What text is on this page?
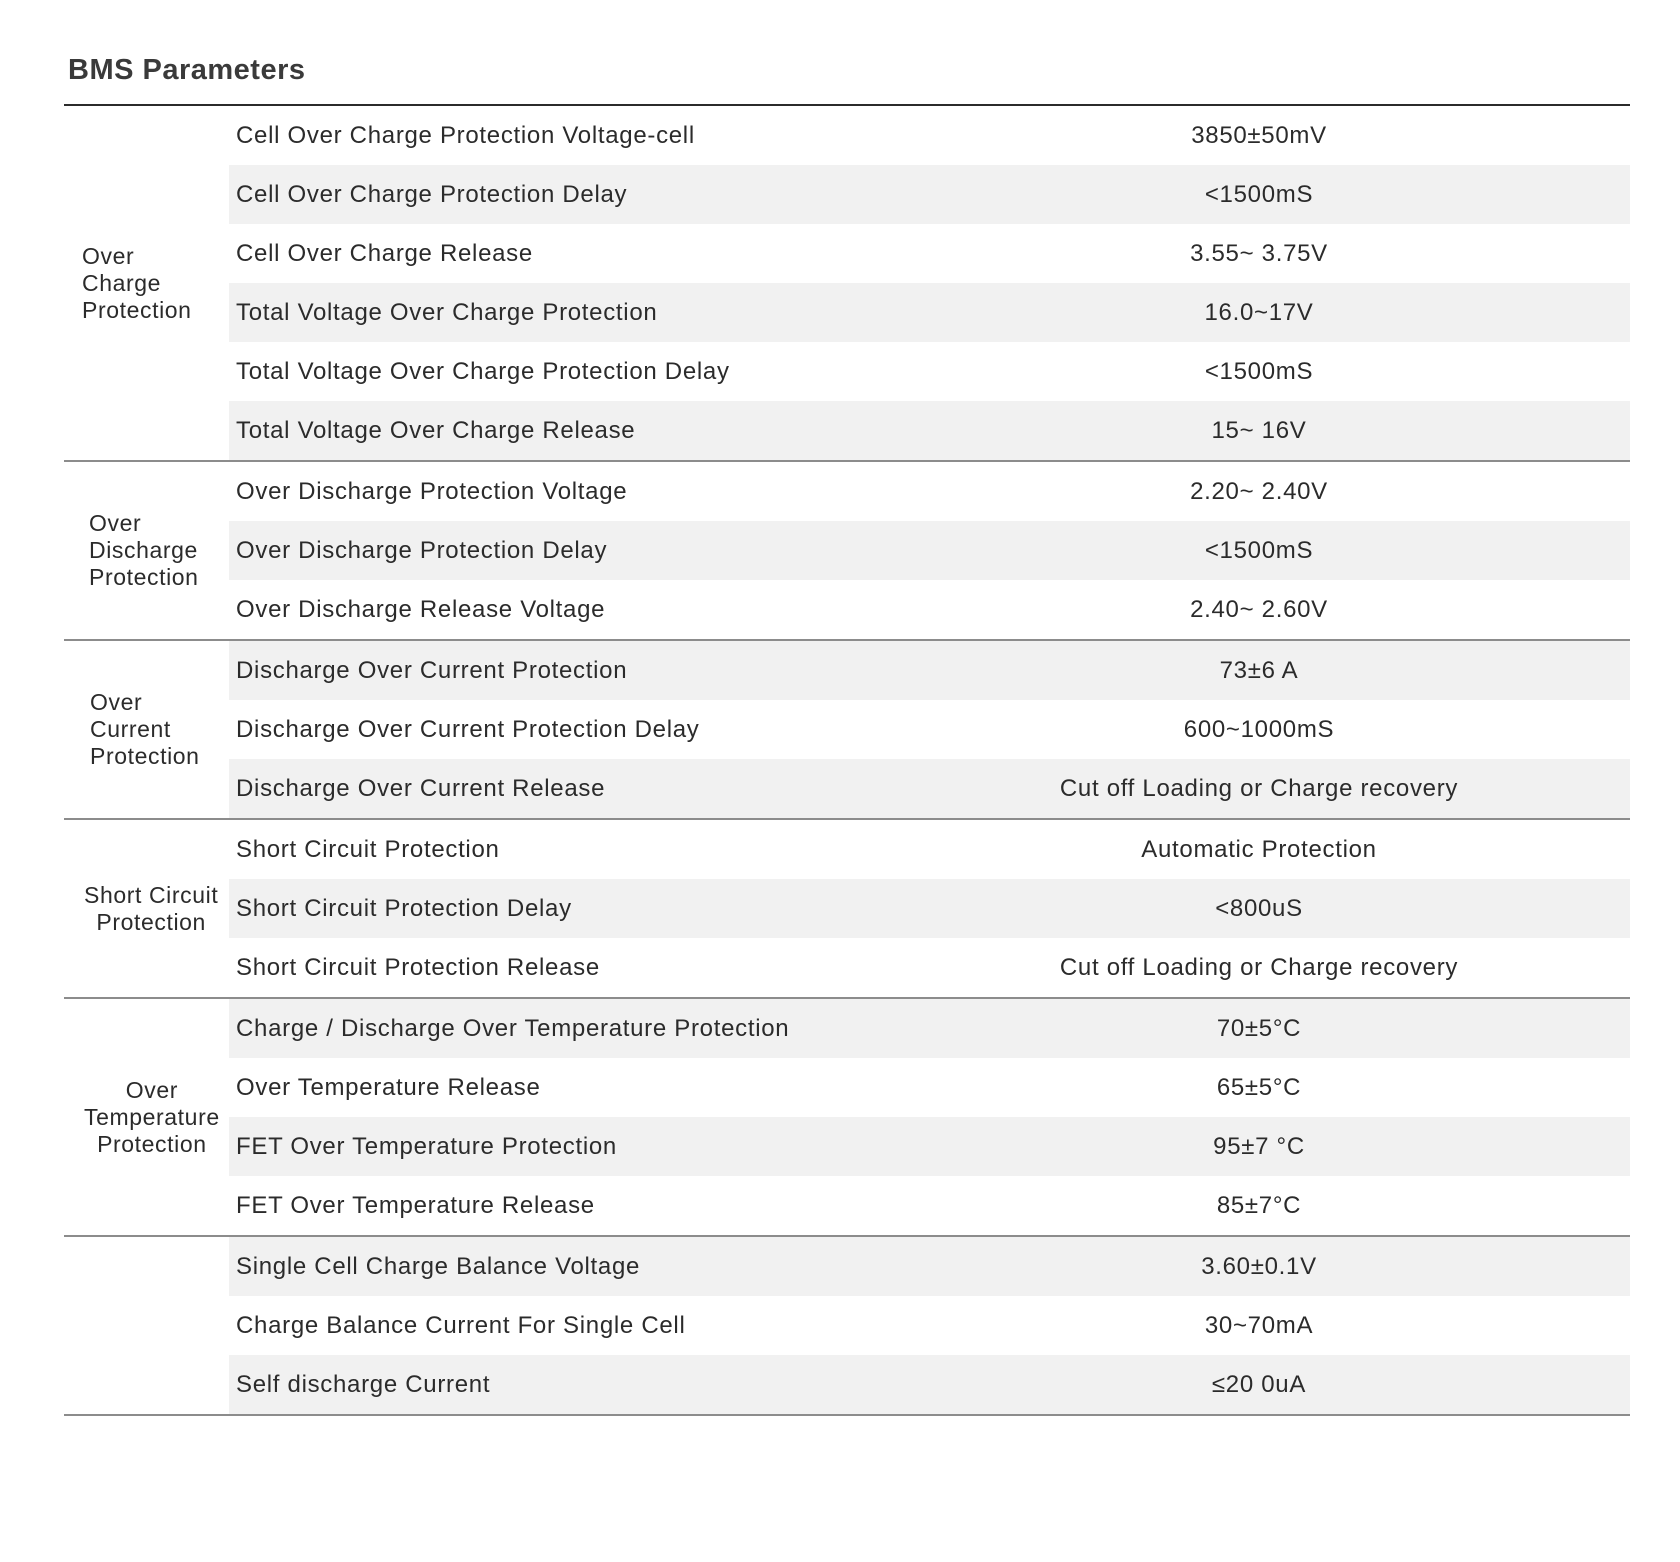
BMS Parameters
Over
Charge
Protection
Cell Over Charge Protection Voltage-cell	3850±50mV
Cell Over Charge Protection Delay	<1500mS
Cell Over Charge Release	3.55~ 3.75V
Total Voltage Over Charge Protection	16.0~17V
Total Voltage Over Charge Protection Delay	<1500mS
Total Voltage Over Charge Release	15~ 16V
Over
Discharge
Protection
Over Discharge Protection Voltage	2.20~ 2.40V
Over Discharge Protection Delay	<1500mS
Over Discharge Release Voltage	2.40~ 2.60V
Over
Current
Protection
Discharge Over Current Protection	73±6 A
Discharge Over Current Protection Delay	600~1000mS
Discharge Over Current Release	Cut off Loading or Charge recovery
Short Circuit
Protection
Short Circuit Protection	Automatic Protection
Short Circuit Protection Delay	<800uS
Short Circuit Protection Release	Cut off Loading or Charge recovery
Over
Temperature
Protection
Charge / Discharge Over Temperature Protection	70±5°C
Over Temperature Release	65±5°C
FET Over Temperature Protection	95±7 °C
FET Over Temperature Release	85±7°C
Single Cell Charge Balance Voltage	3.60±0.1V
Charge Balance Current For Single Cell	30~70mA
Self discharge Current	≤20 0uA
